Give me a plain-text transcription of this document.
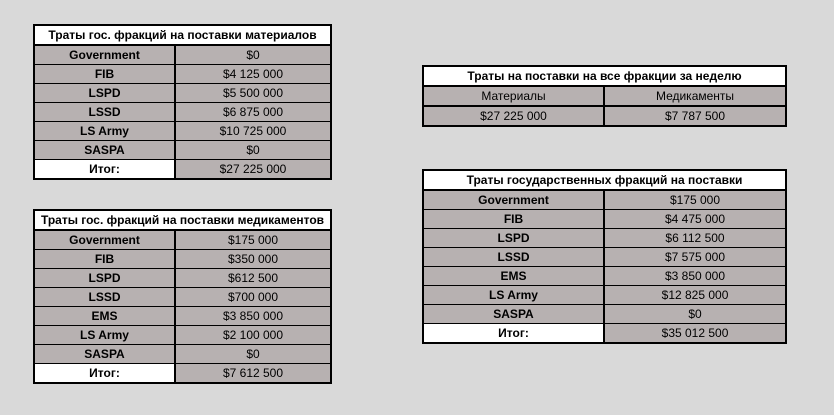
Траты гос. фракций на поставки материалов	
Government	$0
FIB	$4 125 000
LSPD	$5 500 000
LSSD	$6 875 000
LS Army	$10 725 000
SASPA	$0
Итог:	$27 225 000
Траты гос. фракций на поставки медикаментов	
Government	$175 000
FIB	$350 000
LSPD	$612 500
LSSD	$700 000
EMS	$3 850 000
LS Army	$2 100 000
SASPA	$0
Итог:	$7 612 500
Траты на поставки на все фракции за неделю	
Материалы	Медикаменты
$27 225 000	$7 787 500
Траты государственных фракций на поставки	
Government	$175 000
FIB	$4 475 000
LSPD	$6 112 500
LSSD	$7 575 000
EMS	$3 850 000
LS Army	$12 825 000
SASPA	$0
Итог:	$35 012 500
